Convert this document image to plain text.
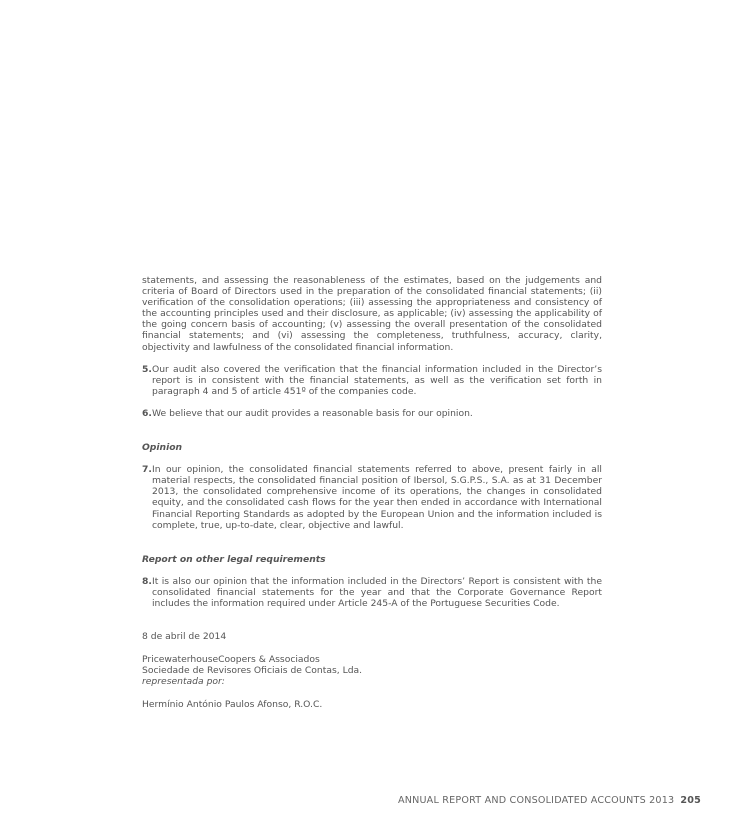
statements, and assessing the reasonableness of the estimates, based on the judgements and criteria of Board of Directors used in the preparation of the consolidated financial statements; (ii) verification of the consolidation operations; (iii) assessing the appropriateness and consistency of the accounting principles used and their disclosure, as applicable; (iv) assessing the applicability of the going concern basis of accounting; (v) assessing the overall presentation of the consolidated financial statements; and (vi) assessing the completeness, truthfulness, accuracy, clarity, objectivity and lawfulness of the consolidated financial information.

5. Our audit also covered the verification that the financial information included in the Director’s report is in consistent with the financial statements, as well as the verification set forth in paragraph 4 and 5 of article 451º of the companies code.
6. We believe that our audit provides a reasonable basis for our opinion.

Opinion

7. In our opinion, the consolidated financial statements referred to above, present fairly in all material respects, the consolidated financial position of Ibersol, S.G.P.S., S.A. as at 31 December 2013, the consolidated comprehensive income of its operations, the changes in consolidated equity, and the consolidated cash flows for the year then ended in accordance with International Financial Reporting Standards as adopted by the European Union and the information included is complete, true, up-to-date, clear, objective and lawful.

Report on other legal requirements

8. It is also our opinion that the information included in the Directors’ Report is consistent with the consolidated financial statements for the year and that the Corporate Governance Report includes the information required under Article 245-A of the Portuguese Securities Code.

8 de abril de 2014

PricewaterhouseCoopers & Associados

Sociedade de Revisores Oficiais de Contas, Lda.

representada por:

Hermínio António Paulos Afonso, R.O.C.

ANNUAL REPORT AND CONSOLIDATED ACCOUNTS 2013 205
